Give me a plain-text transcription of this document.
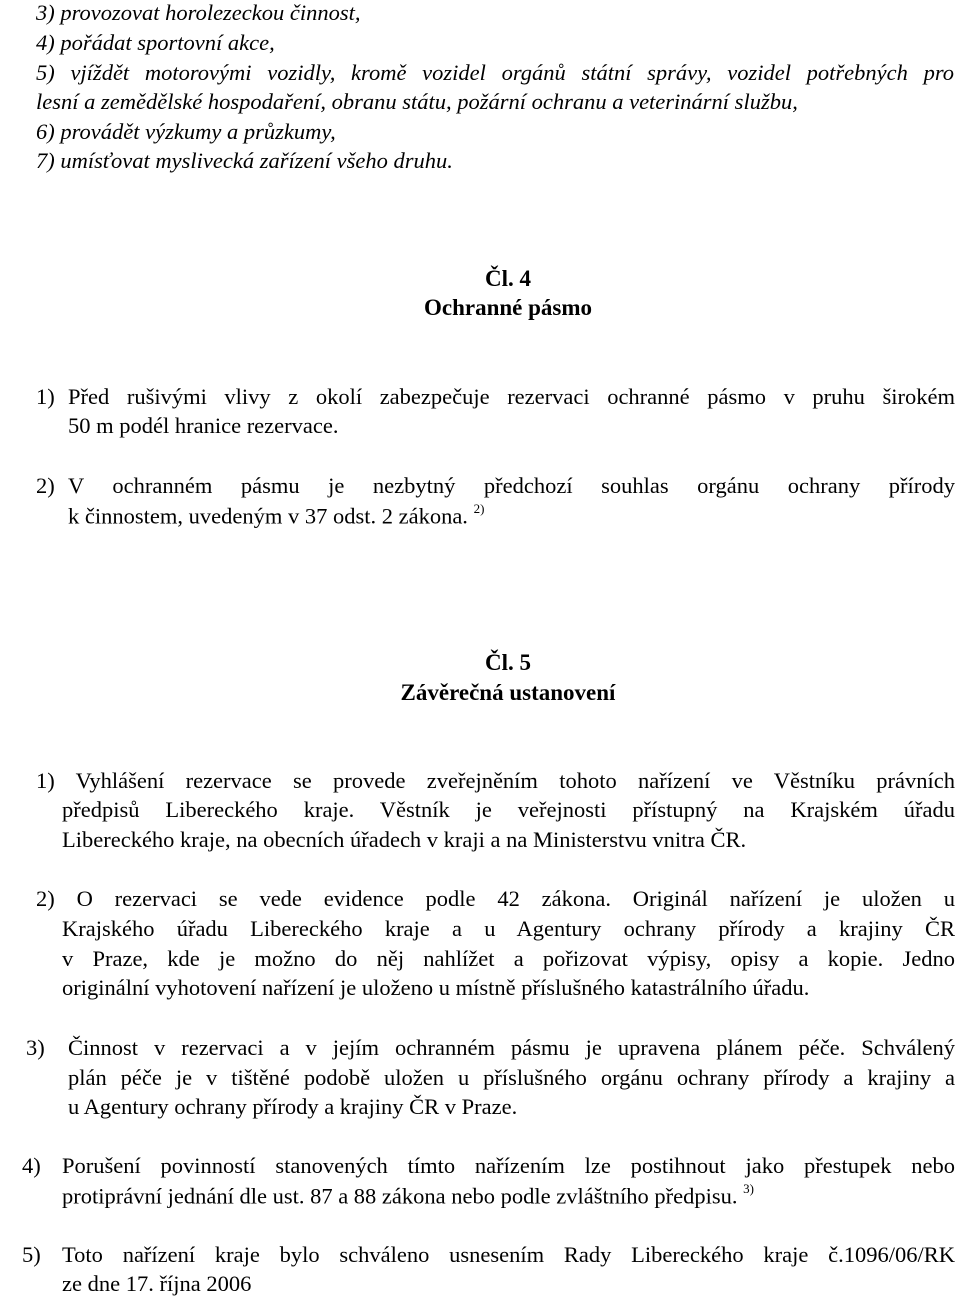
3) provozovat horolezeckou činnost,
4) pořádat sportovní akce,
5) vjíždět motorovými vozidly, kromě vozidel orgánů státní správy, vozidel potřebných pro
lesní a zemědělské hospodaření, obranu státu, požární ochranu a veterinární službu,
6) provádět výzkumy a průzkumy,
7) umísťovat myslivecká zařízení všeho druhu.
Čl. 4
Ochranné pásmo
1) Před rušivými vlivy z okolí zabezpečuje rezervaci ochranné pásmo v pruhu širokém
50 m podél hranice rezervace.
2) V ochranném pásmu je nezbytný předchozí souhlas orgánu ochrany přírody
k činnostem, uvedeným v 37 odst. 2 zákona. $^{2)}$
Čl. 5
Závěrečná ustanovení
1) Vyhlášení rezervace se provede zveřejněním tohoto nařízení ve Věstníku právních
předpisů Libereckého kraje. Věstník je veřejnosti přístupný na Krajském úřadu
Libereckého kraje, na obecních úřadech v kraji a na Ministerstvu vnitra ČR.
2) O rezervaci se vede evidence podle 42 zákona. Originál nařízení je uložen u
Krajského úřadu Libereckého kraje a u Agentury ochrany přírody a krajiny ČR
v Praze, kde je možno do něj nahlížet a pořizovat výpisy, opisy a kopie. Jedno
originální vyhotovení nařízení je uloženo u místně příslušného katastrálního úřadu.
3) Činnost v rezervaci a v jejím ochranném pásmu je upravena plánem péče. Schválený
plán péče je v tištěné podobě uložen u příslušného orgánu ochrany přírody a krajiny a
u Agentury ochrany přírody a krajiny ČR v Praze.
4) Porušení povinností stanovených tímto nařízením lze postihnout jako přestupek nebo
protiprávní jednání dle ust. 87 a 88 zákona nebo podle zvláštního předpisu. $^{3)}$
5) Toto nařízení kraje bylo schváleno usnesením Rady Libereckého kraje č.1096/06/RK
ze dne 17. října 2006
